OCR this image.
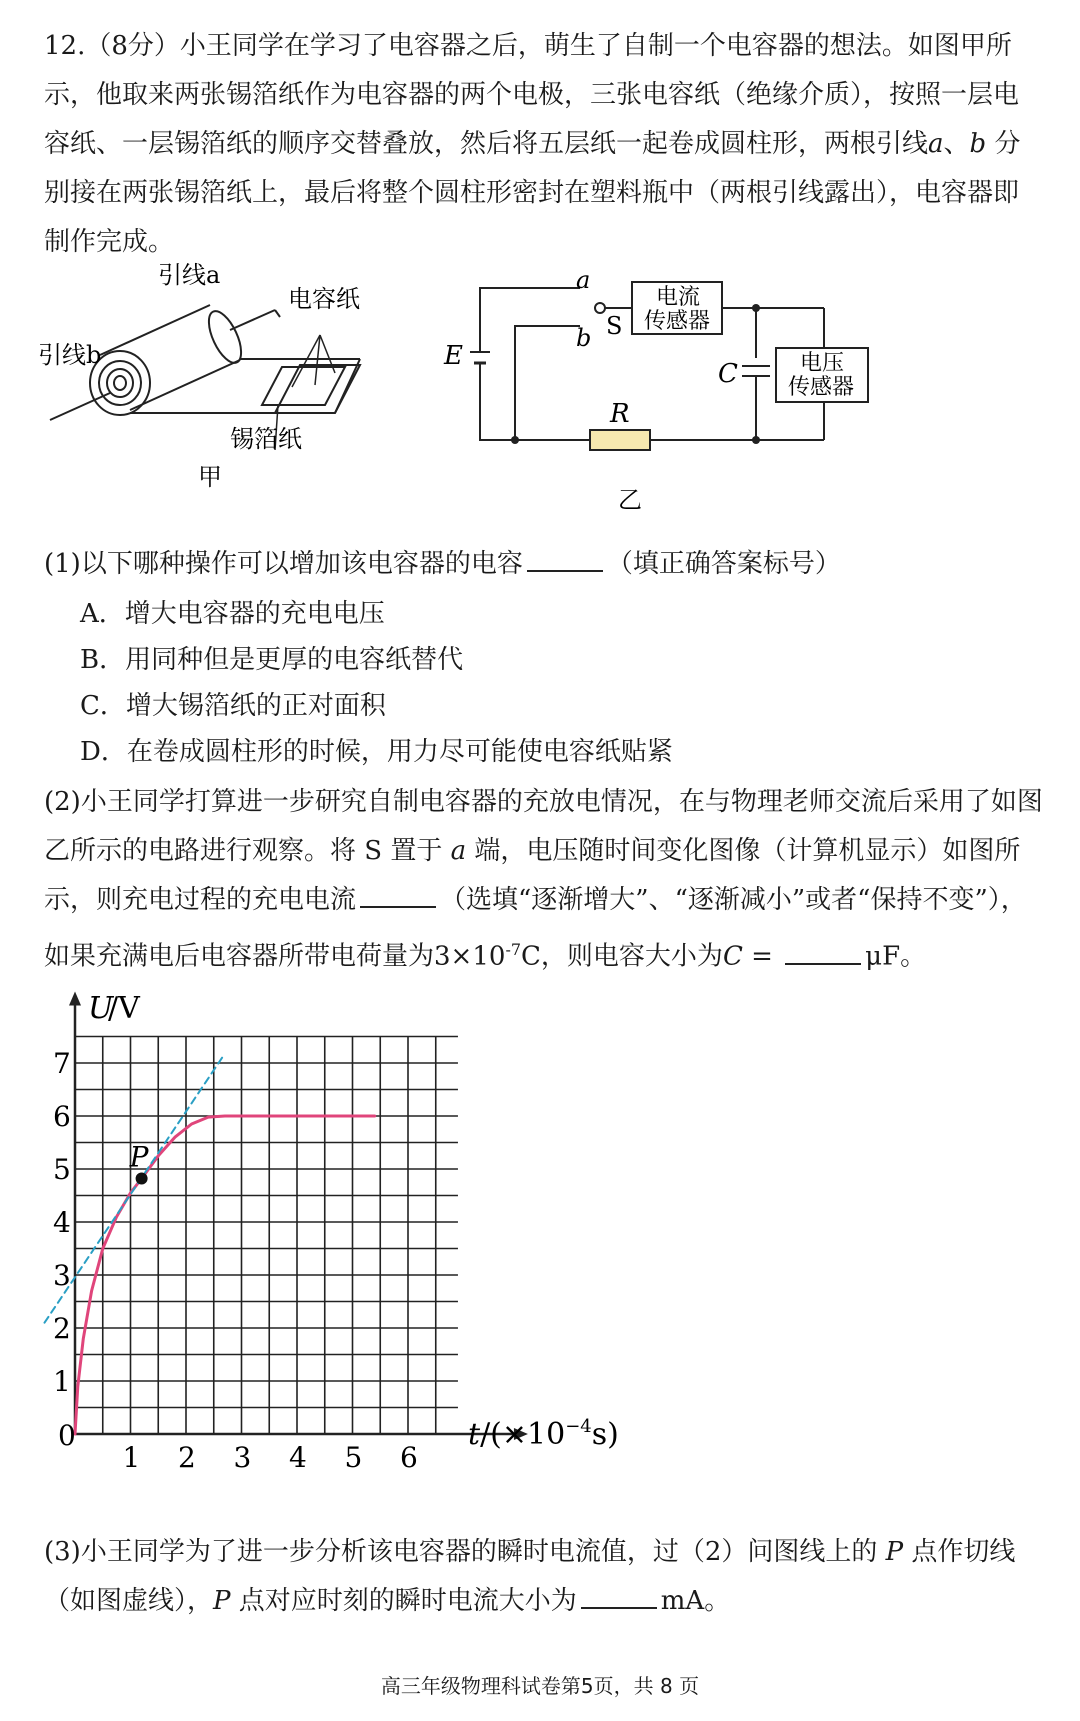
12.（8分）小王同学在学习了电容器之后，萌生了自制一个电容器的想法。如图甲所示，他取来两张锡箔纸作为电容器的两个电极，三张电容纸（绝缘介质），按照一层电容纸、一层锡箔纸的顺序交替叠放，然后将五层纸一起卷成圆柱形，两根引线a、b 分别接在两张锡箔纸上，最后将整个圆柱形密封在塑料瓶中（两根引线露出），电容器即制作完成。

引线a
引线b
电容纸
锡箔纸
甲
a
b S
E
C
R
电流
传感器
电压
传感器
乙

(1)以下哪种操作可以增加该电容器的电容	（填正确答案标号）

A．增大电容器的充电电压
B．用同种但是更厚的电容纸替代
C．增大锡箔纸的正对面积
D．在卷成圆柱形的时候，用力尽可能使电容纸贴紧

(2)小王同学打算进一步研究自制电容器的充放电情况，在与物理老师交流后采用了如图乙所示的电路进行观察。将 S 置于 a 端，电压随时间变化图像（计算机显示）如图所示，则充电过程的充电电流	（选填“逐渐增大”、“逐渐减小”或者“保持不变”），如果充满电后电容器所带电荷量为$3\times 10^{-7}C$，则电容大小为C =	μF。

1 2 3 4 5 6
1
2
3
4
5
6
7
P
U
/V
0	$t/(\times 10^{-4}s)$

(3)小王同学为了进一步分析该电容器的瞬时电流值，过（2）问图线上的 P 点作切线
（如图虚线），P 点对应时刻的瞬时电流大小为	mA。

高三年级物理科试卷第5页，共 8 页
